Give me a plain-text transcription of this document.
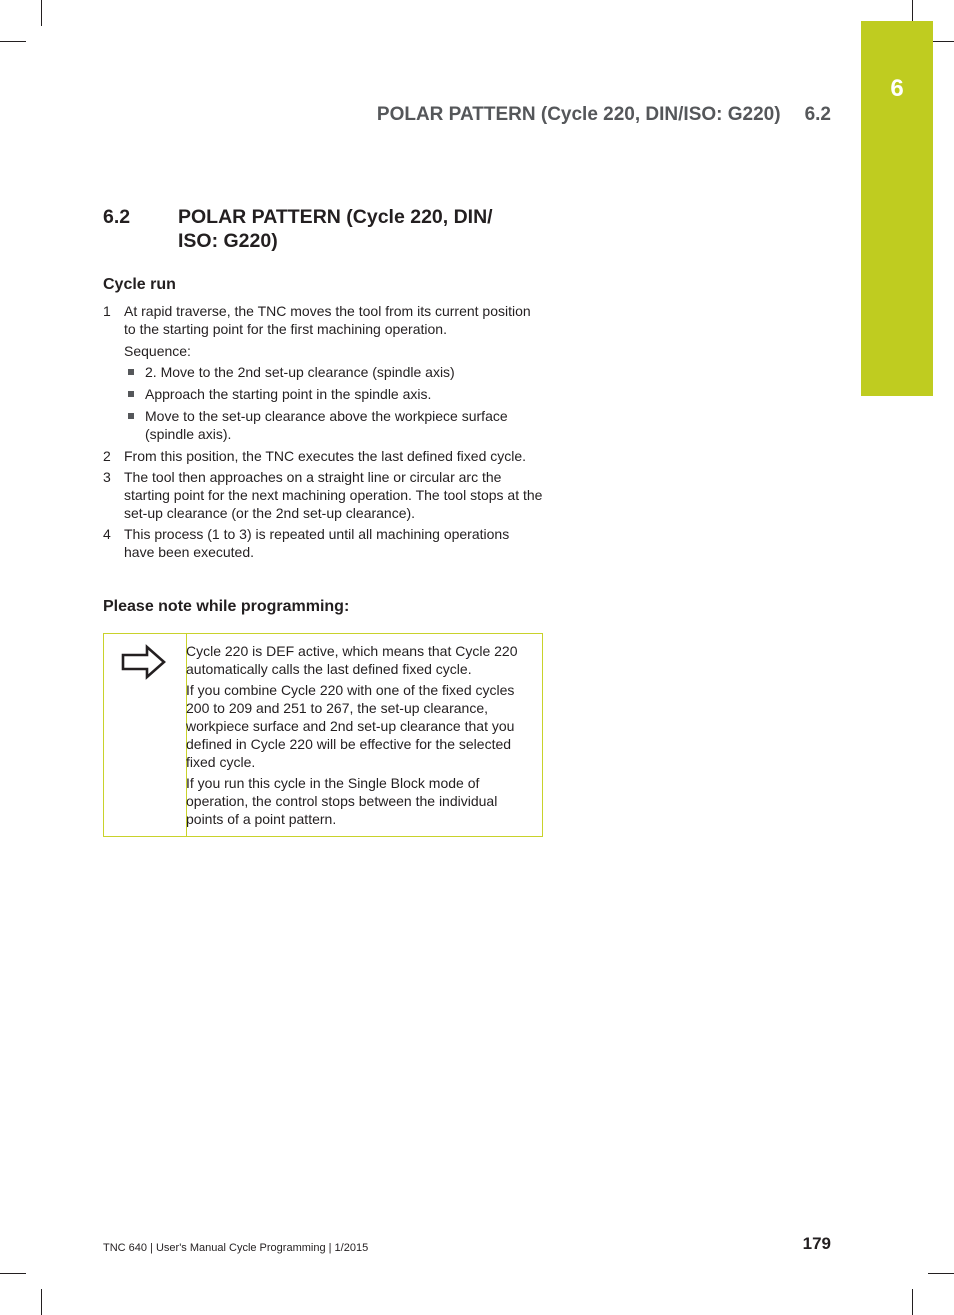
6
POLAR PATTERN (Cycle 220, DIN/ISO: G220) 6.2
6.2 POLAR PATTERN (Cycle 220, DIN/ ISO: G220)
Cycle run
1 At rapid traverse, the TNC moves the tool from its current position to the starting point for the first machining operation.
Sequence:
2. Move to the 2nd set-up clearance (spindle axis)
Approach the starting point in the spindle axis.
Move to the set-up clearance above the workpiece surface (spindle axis).
2 From this position, the TNC executes the last defined fixed cycle.
3 The tool then approaches on a straight line or circular arc the starting point for the next machining operation. The tool stops at the set-up clearance (or the 2nd set-up clearance).
4 This process (1 to 3) is repeated until all machining operations have been executed.
Please note while programming:

Cycle 220 is DEF active, which means that Cycle 220 automatically calls the last defined fixed cycle.

If you combine Cycle 220 with one of the fixed cycles 200 to 209 and 251 to 267, the set-up clearance, workpiece surface and 2nd set-up clearance that you defined in Cycle 220 will be effective for the selected fixed cycle.

If you run this cycle in the Single Block mode of operation, the control stops between the individual points of a point pattern.

TNC 640 | User's Manual Cycle Programming | 1/2015	179
